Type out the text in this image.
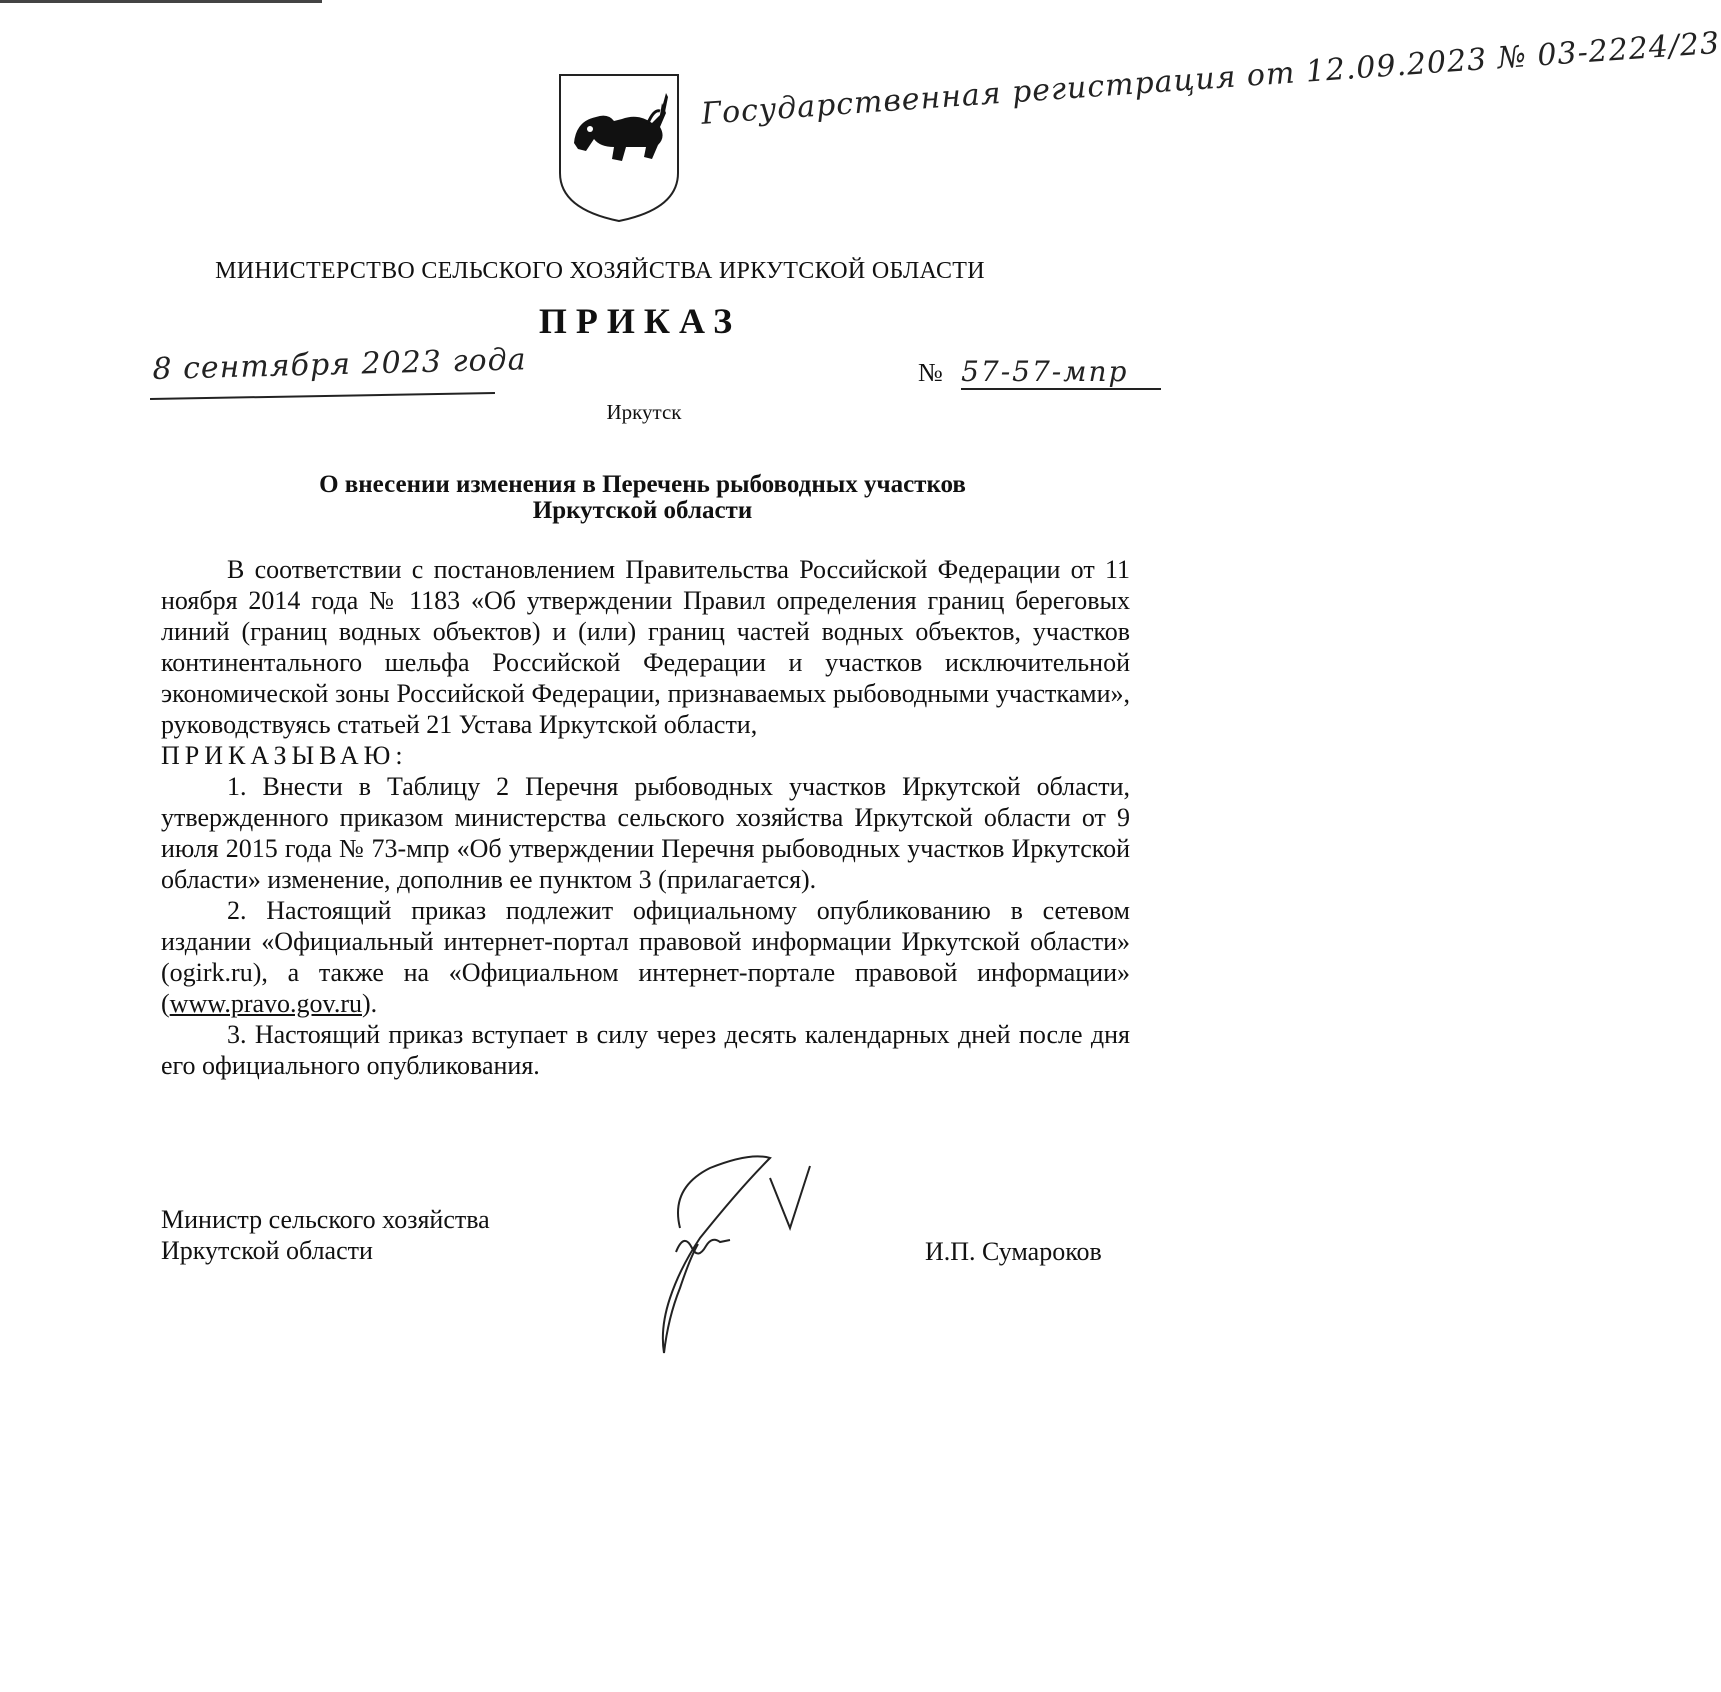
Государственная регистрация от 12.09.2023 № 03-2224/23
МИНИСТЕРСТВО СЕЛЬСКОГО ХОЗЯЙСТВА ИРКУТСКОЙ ОБЛАСТИ
ПРИКАЗ
8 сентября 2023 года	№ 57-57-мпр
Иркутск
О внесении изменения в Перечень рыбоводных участков
Иркутской области

В соответствии с постановлением Правительства Российской Федерации от 11 ноября 2014 года № 1183 «Об утверждении Правил определения границ береговых линий (границ водных объектов) и (или) границ частей водных объектов, участков континентального шельфа Российской Федерации и участков исключительной экономической зоны Российской Федерации, признаваемых рыбоводными участками», руководствуясь статьей 21 Устава Иркутской области,

ПРИКАЗЫВАЮ:

1. Внести в Таблицу 2 Перечня рыбоводных участков Иркутской области, утвержденного приказом министерства сельского хозяйства Иркутской области от 9 июля 2015 года № 73-мпр «Об утверждении Перечня рыбоводных участков Иркутской области» изменение, дополнив ее пунктом 3 (прилагается).

2. Настоящий приказ подлежит официальному опубликованию в сетевом издании «Официальный интернет-портал правовой информации Иркутской области» (ogirk.ru), а также на «Официальном интернет-портале правовой информации» (www.pravo.gov.ru).

3. Настоящий приказ вступает в силу через десять календарных дней после дня его официального опубликования.

Министр сельского хозяйства
Иркутской области	И.П. Сумароков
